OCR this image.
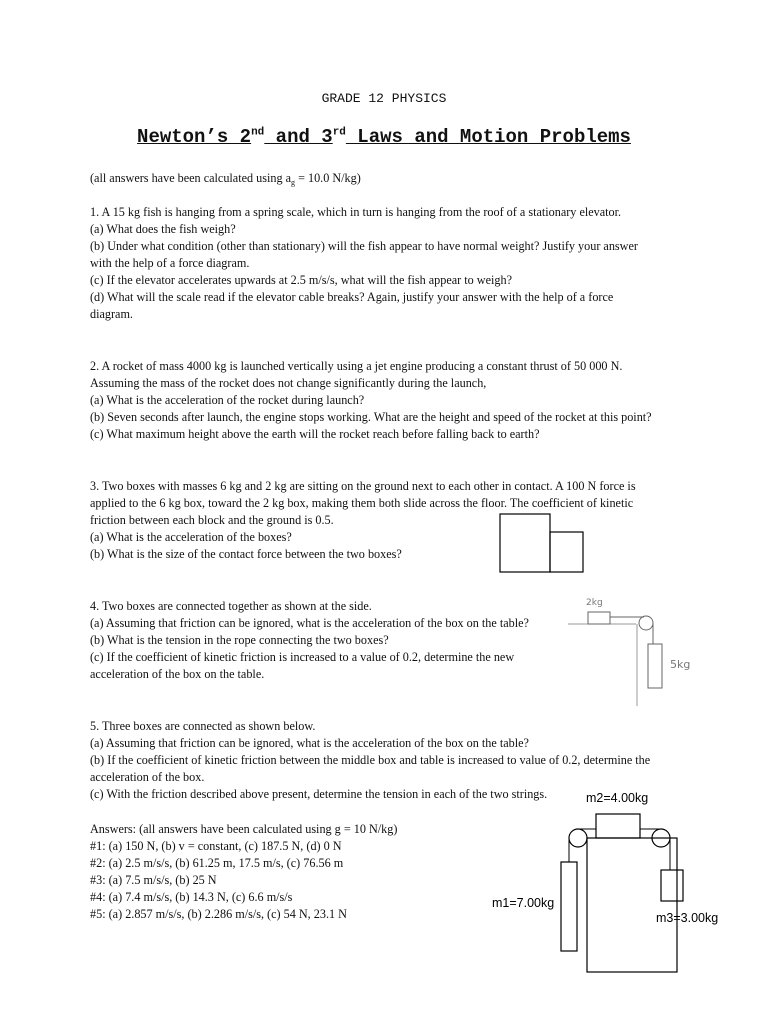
GRADE 12 PHYSICS
Newton’s 2nd and 3rd Laws and Motion Problems
(all answers have been calculated using $a_g = 10.0$ N/kg)
1. A 15 kg fish is hanging from a spring scale, which in turn is hanging from the roof of a stationary elevator.
(a) What does the fish weigh?
(b) Under what condition (other than stationary) will the fish appear to have normal weight? Justify your answer
with the help of a force diagram.
(c) If the elevator accelerates upwards at 2.5 m/s/s, what will the fish appear to weigh?
(d) What will the scale read if the elevator cable breaks? Again, justify your answer with the help of a force
diagram.
2. A rocket of mass 4000 kg is launched vertically using a jet engine producing a constant thrust of 50 000 N.
Assuming the mass of the rocket does not change significantly during the launch,
(a) What is the acceleration of the rocket during launch?
(b) Seven seconds after launch, the engine stops working. What are the height and speed of the rocket at this point?
(c) What maximum height above the earth will the rocket reach before falling back to earth?
3. Two boxes with masses 6 kg and 2 kg are sitting on the ground next to each other in contact. A 100 N force is
applied to the 6 kg box, toward the 2 kg box, making them both slide across the floor. The coefficient of kinetic
friction between each block and the ground is 0.5.
(a) What is the acceleration of the boxes?
(b) What is the size of the contact force between the two boxes?
4. Two boxes are connected together as shown at the side.
(a) Assuming that friction can be ignored, what is the acceleration of the box on the table?
(b) What is the tension in the rope connecting the two boxes?
(c) If the coefficient of kinetic friction is increased to a value of 0.2, determine the new
acceleration of the box on the table.
2kg
5kg
5. Three boxes are connected as shown below.
(a) Assuming that friction can be ignored, what is the acceleration of the box on the table?
(b) If the coefficient of kinetic friction between the middle box and table is increased to value of 0.2, determine the
acceleration of the box.
(c) With the friction described above present, determine the tension in each of the two strings.
Answers: (all answers have been calculated using g = 10 N/kg)
#1: (a) 150 N, (b) v = constant, (c) 187.5 N, (d) 0 N
#2: (a) 2.5 m/s/s, (b) 61.25 m, 17.5 m/s, (c) 76.56 m
#3: (a) 7.5 m/s/s, (b) 25 N
#4: (a) 7.4 m/s/s, (b) 14.3 N, (c) 6.6 m/s/s
#5: (a) 2.857 m/s/s, (b) 2.286 m/s/s, (c) 54 N, 23.1 N
m2=4.00kg
m1=7.00kg
m3=3.00kg
